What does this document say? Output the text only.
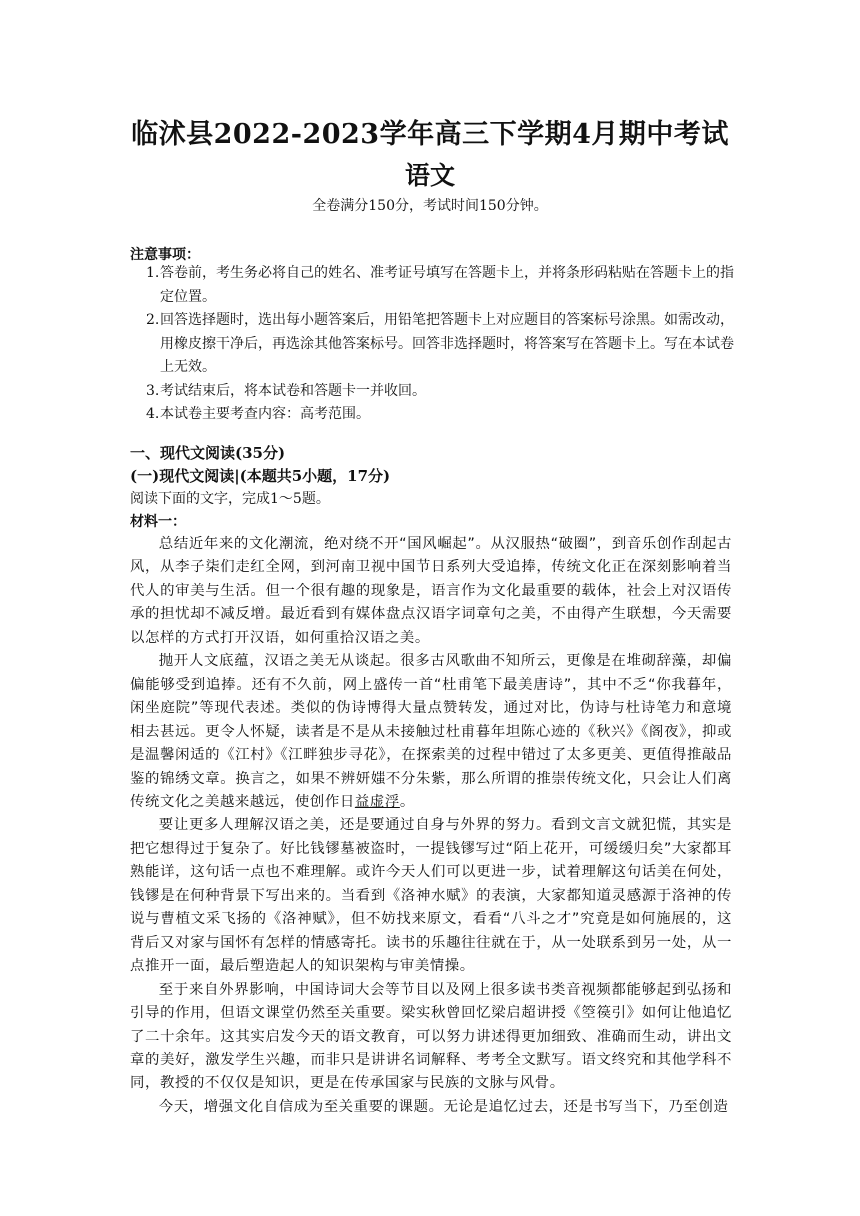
临沭县2022-2023学年高三下学期4月期中考试
语文
全卷满分150分，考试时间150分钟。
注意事项：

1. 答卷前，考生务必将自己的姓名、准考证号填写在答题卡上，并将条形码粘贴在答题卡上的指定位置。

2. 回答选择题时，选出每小题答案后，用铅笔把答题卡上对应题目的答案标号涂黑。如需改动，用橡皮擦干净后，再选涂其他答案标号。回答非选择题时，将答案写在答题卡上。写在本试卷上无效。

3. 考试结束后，将本试卷和答题卡一并收回。

4. 本试卷主要考查内容：高考范围。

一、现代文阅读(35分)
(一)现代文阅读|(本题共5小题，17分)
阅读下面的文字，完成1～5题。
材料一：

总结近年来的文化潮流，绝对绕不开“国风崛起”。从汉服热“破圈”，到音乐创作刮起古风，从李子柒们走红全网，到河南卫视中国节日系列大受追捧，传统文化正在深刻影响着当代人的审美与生活。但一个很有趣的现象是，语言作为文化最重要的载体，社会上对汉语传承的担忧却不减反增。最近看到有媒体盘点汉语字词章句之美，不由得产生联想，今天需要以怎样的方式打开汉语，如何重拾汉语之美。

抛开人文底蕴，汉语之美无从谈起。很多古风歌曲不知所云，更像是在堆砌辞藻，却偏偏能够受到追捧。还有不久前，网上盛传一首“杜甫笔下最美唐诗”，其中不乏“你我暮年，闲坐庭院”等现代表述。类似的伪诗博得大量点赞转发，通过对比，伪诗与杜诗笔力和意境相去甚远。更令人怀疑，读者是不是从未接触过杜甫暮年坦陈心迹的《秋兴》《阁夜》，抑或是温馨闲适的《江村》《江畔独步寻花》，在探索美的过程中错过了太多更美、更值得推敲品鉴的锦绣文章。换言之，如果不辨妍媸不分朱紫，那么所谓的推崇传统文化，只会让人们离传统文化之美越来越远，使创作日益虚浮。

要让更多人理解汉语之美，还是要通过自身与外界的努力。看到文言文就犯慌，其实是把它想得过于复杂了。好比钱镠墓被盗时，一提钱镠写过“陌上花开，可缓缓归矣”大家都耳熟能详，这句话一点也不难理解。或许今天人们可以更进一步，试着理解这句话美在何处，钱镠是在何种背景下写出来的。当看到《洛神水赋》的表演，大家都知道灵感源于洛神的传说与曹植文采飞扬的《洛神赋》，但不妨找来原文，看看“八斗之才”究竟是如何施展的，这背后又对家与国怀有怎样的情感寄托。读书的乐趣往往就在于，从一处联系到另一处，从一点推开一面，最后塑造起人的知识架构与审美情操。

至于来自外界影响，中国诗词大会等节目以及网上很多读书类音视频都能够起到弘扬和引导的作用，但语文课堂仍然至关重要。梁实秋曾回忆梁启超讲授《箜篌引》如何让他追忆了二十余年。这其实启发今天的语文教育，可以努力讲述得更加细致、准确而生动，讲出文章的美好，激发学生兴趣，而非只是讲讲名词解释、考考全文默写。语文终究和其他学科不同，教授的不仅仅是知识，更是在传承国家与民族的文脉与风骨。

今天，增强文化自信成为至关重要的课题。无论是追忆过去，还是书写当下，乃至创造
